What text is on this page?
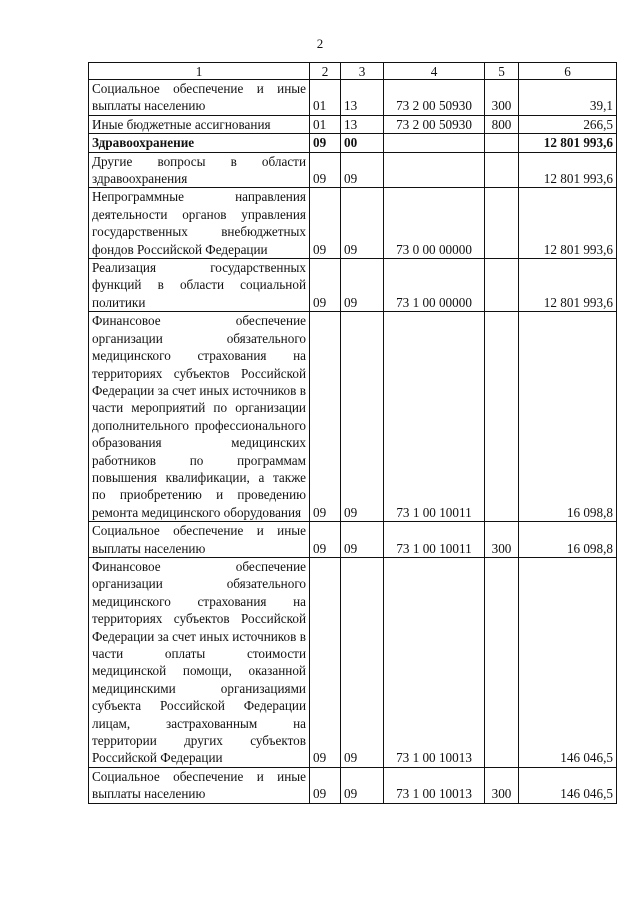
2
1	2	3	4	5	6
Социальное обеспечение и иные выплаты населению	01	13	73 2 00 50930	300	39,1
Иные бюджетные ассигнования	01	13	73 2 00 50930	800	266,5
Здравоохранение	09	00			12 801 993,6
Другие вопросы в области здравоохранения	09	09			12 801 993,6
Непрограммные направления деятельности органов управления государственных внебюджетных фондов Российской Федерации	09	09	73 0 00 00000		12 801 993,6
Реализация государственных функций в области социальной политики	09	09	73 1 00 00000		12 801 993,6
Финансовое обеспечение организации обязательного медицинского страхования на территориях субъектов Российской Федерации за счет иных источников в части мероприятий по организации дополнительного профессионального образования медицинских работников по программам повышения квалификации, а также по приобретению и проведению ремонта медицинского оборудования	09	09	73 1 00 10011		16 098,8
Социальное обеспечение и иные выплаты населению	09	09	73 1 00 10011	300	16 098,8
Финансовое обеспечение организации обязательного медицинского страхования на территориях субъектов Российской Федерации за счет иных источников в части оплаты стоимости медицинской помощи, оказанной медицинскими организациями субъекта Российской Федерации лицам, застрахованным на территории других субъектов Российской Федерации	09	09	73 1 00 10013		146 046,5
Социальное обеспечение и иные выплаты населению	09	09	73 1 00 10013	300	146 046,5
